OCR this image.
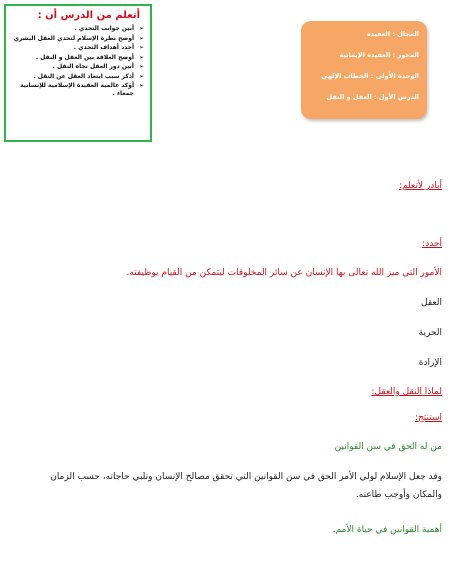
أتعلم من الدرس أن :
➢
أبين جوانب التحدي .
➢
أوضح نظرة الإسلام لتحدي العقل البشري
➢
أحدد أهداف التحدي .
➢
أوضح العلاقة بين العقل و النقل .
➢
أبين دور العقل تجاه النقل .
➢
أذكر سبب ابتعاد العقل عن النقل .
➢
أؤكد عالمية العقيدة الإسلامية للإنسانية جمعاء .
المجال : العقيدة
المحور : العقيدة الإيمانية
الوحدة الأولى : الخطاب الإلهي
الدرس الأول : العقل و النقل
أبادر لأتعلم:
أحدد:
الأمور التي ميز الله تعالى بها الإنسان عن سائر المخلوقات ليتمكن من القيام بوظيفته.
العقل
الحرية
الإرادة
لماذا النقل والعقل:
استنتج:
من له الحق في سن القوانين
وقد جعل الإسلام لولي الأمر الحق في سن القوانين التي تحقق مصالح الإنسان وتلبي حاجاته، حسب الزمان والمكان وأوجب طاعته.
أهمية القوانين في حياة الأمم.
